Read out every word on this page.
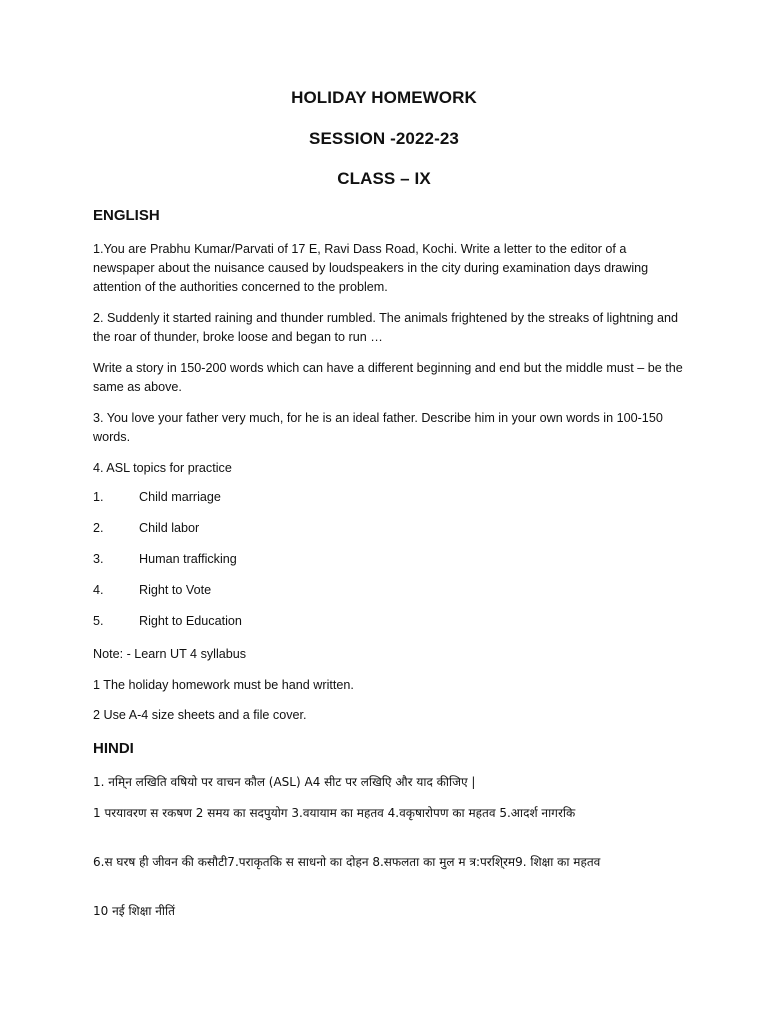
HOLIDAY HOMEWORK
SESSION -2022-23
CLASS – IX
ENGLISH
1.You are Prabhu Kumar/Parvati of 17 E, Ravi Dass Road, Kochi. Write a letter to the editor of a newspaper about the nuisance caused by loudspeakers in the city during examination days drawing attention of the authorities concerned to the problem.
2. Suddenly it started raining and thunder rumbled. The animals frightened by the streaks of lightning and the roar of thunder, broke loose and began to run …
Write a story in 150-200 words which can have a different beginning and end but the middle must – be the same as above.
3. You love your father very much, for he is an ideal father. Describe him in your own words in 100-150 words.
4. ASL topics for practice
1.	Child marriage
2.	Child labor
3.	Human trafficking
4.	Right to Vote
5.	Right to Education
Note: - Learn UT 4 syllabus
1 The holiday homework must be hand written.
2 Use A-4 size sheets and a file cover.
HINDI
1. नमि्न लखिति वषियो पर वाचन कौल (ASL) A4 सीट पर लखिएि और याद कीजिए |
1 परयावरण स रकषण 2 समय का सदपुयोग 3.वयायाम का महतव 4.वकृषारोपण का महतव 5.आदर्श नागरकि
6.स घरष ही जीवन की कसौटी7.पराकृतकि स साधनो का दोहन 8.सफलता का मुल म त्र:परशि्रम9. शिक्षा का महतव
10 नई शिक्षा नीतिं
